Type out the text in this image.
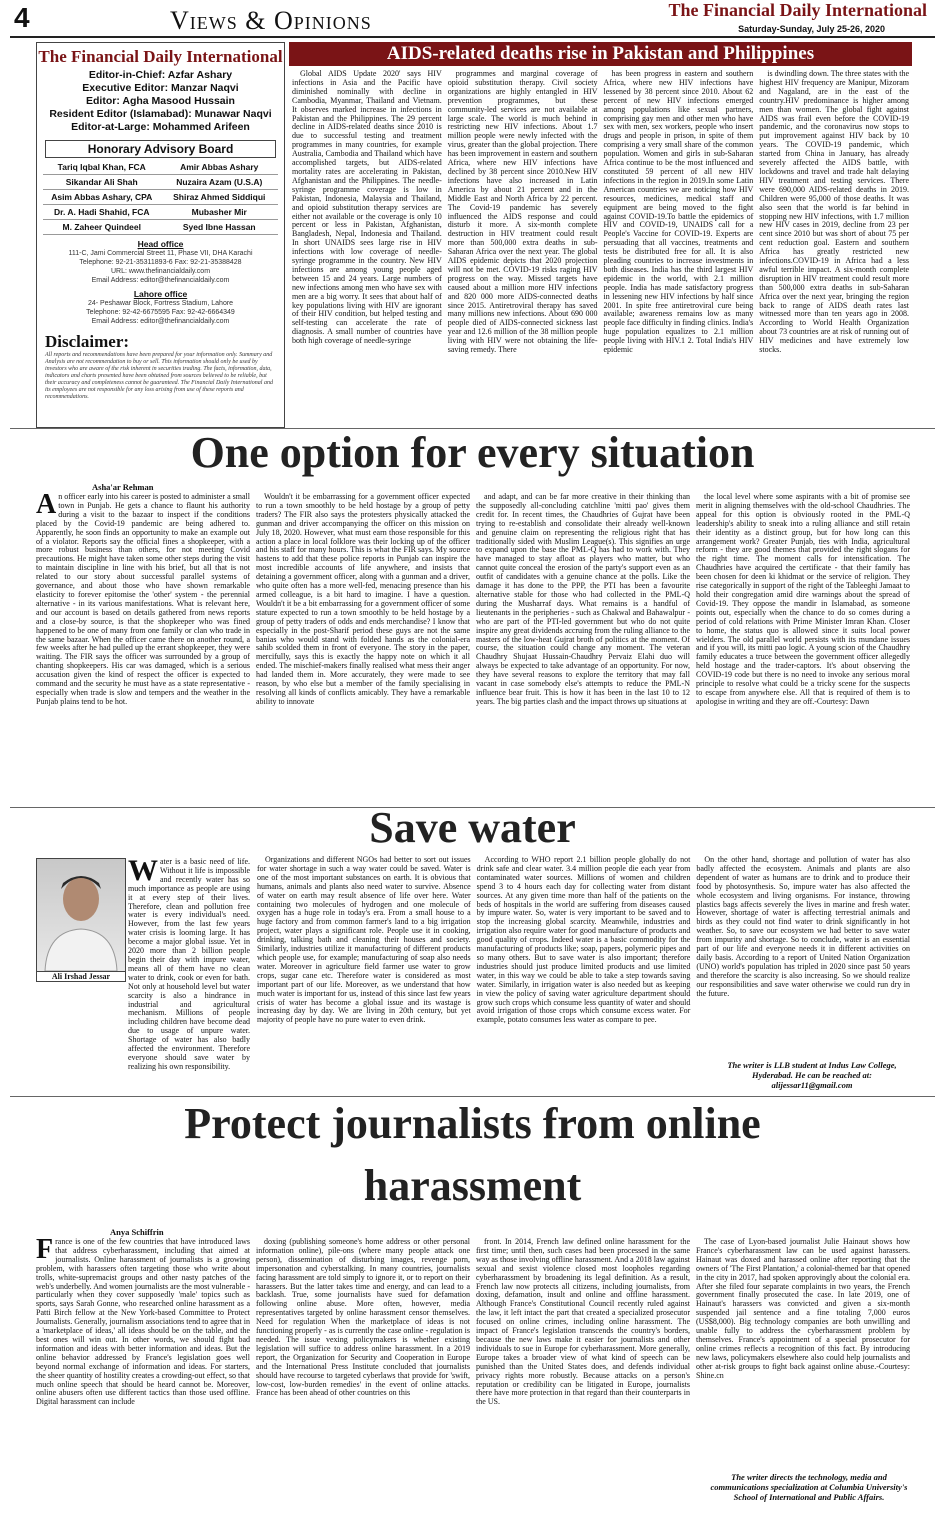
4	Views & Opinions	The Financial Daily International
Saturday-Sunday, July 25-26, 2020
The Financial Daily International
Editor-in-Chief: Azfar Ashary
Executive Editor: Manzar Naqvi
Editor: Agha Masood Hussain
Resident Editor (Islamabad): Munawar Naqvi
Editor-at-Large: Mohammed Arifeen
Honorary Advisory Board
Tariq Iqbal Khan, FCA	Amir Abbas Ashary
Sikandar Ali Shah	Nuzaira Azam (U.S.A)
Asim Abbas Ashary, CPA	Shiraz Ahmed Siddiqui
Dr. A. Hadi Shahid, FCA	Mubasher Mir
M. Zaheer Quindeel	Syed Ibne Hassan
Head office
111-C, Jami Commercial Street 11, Phase VII, DHA Karachi
Telephone: 92-21-35311893-6 Fax: 92-21-35388428
URL: www.thefinancialdaily.com
Email Address: editor@thefinancialdaily.com
Lahore office
24- Peshawar Block, Fortress Stadium, Lahore
Telephone: 92-42-6675595 Fax: 92-42-6664349
Email Address: editor@thefinancialdaily.com
Disclaimer:
All reports and recommendations have been prepared for your information only. Summary and Analysis are not recommendation to buy or sell. This information should only be used by investors who are aware of the risk inherent in securities trading. The facts, information, data, indicators and charts presented have been obtained from sources believed to be reliable, but their accuracy and completeness cannot be guaranteed. The Financial Daily International and its employees are not responsible for any loss arising from use of these reports and recommendations.
AIDS-related deaths rise in Pakistan and Philippines

Global AIDS Update 2020' says HIV infections in Asia and the Pacific have diminished nominally with decline in Cambodia, Myanmar, Thailand and Vietnam. It observes marked increase in infections in Pakistan and the Philippines. The 29 percent decline in AIDS-related deaths since 2010 is due to successful testing and treatment programmes in many countries, for example Australia, Cambodia and Thailand which have accomplished targets, but AIDS-related mortality rates are accelerating in Pakistan, Afghanistan and the Philippines. The needle-syringe programme coverage is low in Pakistan, Indonesia, Malaysia and Thailand, and opioid substitution therapy services are either not available or the coverage is only 10 percent or less in Pakistan, Afghanistan, Bangladesh, Nepal, Indonesia and Thailand. In short UNAIDS sees large rise in HIV infections with low coverage of needle-syringe programme in the country. New HIV infections are among young people aged between 15 and 24 years. Large numbers of new infections among men who have sex with men are a big worry. It sees that about half of key populations living with HIV are ignorant of their HIV condition, but helped testing and self-testing can accelerate the rate of diagnosis. A small number of countries have both high coverage of needle-syringe

programmes and marginal coverage of opioid substitution therapy. Civil society organizations are highly entangled in HIV prevention programmes, but these community-led services are not available at large scale. The world is much behind in restricting new HIV infections. About 1.7 million people were newly infected with the virus, greater than the global projection. There has been improvement in eastern and southern Africa, where new HIV infections have declined by 38 percent since 2010.New HIV infections have also increased in Latin America by about 21 percent and in the Middle East and North Africa by 22 percent. The Covid-19 pandemic has severely influenced the AIDS response and could disturb it more. A six-month complete destruction in HIV treatment could result more than 500,000 extra deaths in sub-Saharan Africa over the next year. The global AIDS epidemic depicts that 2020 projection will not be met. COVID-19 risks raging HIV progress on the way. Missed targets have caused about a million more HIV infections and 820 000 more AIDS-connected deaths since 2015. Antiretroviral therapy has saved many millions new infections. About 690 000 people died of AIDS-connected sickness last year and 12.6 million of the 38 million people living with HIV were not obtaining the life-saving remedy. There

has been progress in eastern and southern Africa, where new HIV infections have lessened by 38 percent since 2010. About 62 percent of new HIV infections emerged among populations like sexual partners, comprising gay men and other men who have sex with men, sex workers, people who insert drugs and people in prison, in spite of them comprising a very small share of the common population. Women and girls in sub-Saharan Africa continue to be the most influenced and constituted 59 percent of all new HIV infections in the region in 2019.In some Latin American countries we are noticing how HIV resources, medicines, medical staff and equipment are being moved to the fight against COVID-19.To battle the epidemics of HIV and COVID-19, UNAIDS call for a People's Vaccine for COVID-19. Experts are persuading that all vaccines, treatments and tests be distributed free for all. It is also pleading countries to increase investments in both diseases. India has the third largest HIV epidemic in the world, with 2.1 million people. India has made satisfactory progress in lessening new HIV infections by half since 2001. In spite free antiretroviral cure being available; awareness remains low as many people face difficulty in finding clinics. India's huge population equalizes to 2.1 million people living with HIV.1 2. Total India's HIV epidemic

is dwindling down. The three states with the highest HIV frequency are Manipur, Mizoram and Nagaland, are in the east of the country.HIV predominance is higher among men than women. The global fight against AIDS was frail even before the COVID-19 pandemic, and the coronavirus now stops to put improvement against HIV back by 10 years. The COVID-19 pandemic, which started from China in January, has already severely affected the AIDS battle, with lockdowns and travel and trade halt delaying HIV treatment and testing services. There were 690,000 AIDS-related deaths in 2019. Children were 95,000 of those deaths. It was also seen that the world is far behind in stopping new HIV infections, with 1.7 million new HIV cases in 2019, decline from 23 per cent since 2010 but was short of about 75 per cent reduction goal. Eastern and southern Africa has greatly restricted new infections.COVID-19 in Africa had a less awful terrible impact. A six-month complete disruption in HIV treatment could result more than 500,000 extra deaths in sub-Saharan Africa over the next year, bringing the region back to range of AIDS death rates last witnessed more than ten years ago in 2008. According to World Health Organization about 73 countries are at risk of running out of HIV medicines and have extremely low stocks.

One option for every situation
Asha'ar Rehman
An officer early into his career is posted to administer a small town in Punjab. He gets a chance to flaunt his authority during a visit to the bazaar to inspect if the conditions placed by the Covid-19 pandemic are being adhered to. Apparently, he soon finds an opportunity to make an example out of a violator. Reports say the official fines a shopkeeper, with a more robust business than others, for not meeting Covid precautions. He might have taken some other steps during the visit to maintain discipline in line with his brief, but all that is not related to our story about successful parallel systems of governance, and about those who have shown remarkable elasticity to forever epitomise the 'other' system - the perennial alternative - in its various manifestations. What is relevant here, and our account is based on details gathered from news reports and a close-by source, is that the shopkeeper who was fined happened to be one of many from one family or clan who trade in the same bazaar. When the officer came there on another round, a few weeks after he had pulled up the errant shopkeeper, they were waiting. The FIR says the officer was surrounded by a group of chanting shopkeepers. His car was damaged, which is a serious accusation given the kind of respect the officer is expected to command and the security he must have as a state representative - especially when trade is slow and tempers and the weather in the Punjab plains tend to be hot.

Wouldn't it be embarrassing for a government officer expected to run a town smoothly to be held hostage by a group of petty traders? The FIR also says the protesters physically attacked the gunman and driver accompanying the officer on this mission on July 18, 2020. However, what must earn those responsible for this action a place in local folklore was their locking up of the officer and his staff for many hours. This is what the FIR says. My source hastens to add that these police reports in Punjab can inspire the most incredible accounts of life anywhere, and insists that detaining a government officer, along with a gunman and a driver, who quite often has a more well-fed, menacing presence than his armed colleague, is a bit hard to imagine. I have a question. Wouldn't it be a bit embarrassing for a government officer of some stature expected to run a town smoothly to be held hostage by a group of petty traders of odds and ends merchandise? I know that especially in the post-Sharif period these guys are not the same banias who would stand with folded hands as the colonial-era sahib scolded them in front of everyone. The story in the paper, mercifully, says this is exactly the happy note on which it all ended. The mischief-makers finally realised what mess their anger had landed them in. More accurately, they were made to see reason, by who else but a member of the family specialising in resolving all kinds of conflicts amicably. They have a remarkable ability to innovate

and adapt, and can be far more creative in their thinking than the supposedly all-concluding catchline 'mitti pao' gives them credit for. In recent times, the Chaudhries of Gujrat have been trying to re-establish and consolidate their already well-known and genuine claim on representing the religious right that has traditionally sided with Muslim League(s). This signifies an urge to expand upon the base the PML-Q has had to work with. They have managed to stay afloat as players who matter, but who cannot quite conceal the erosion of the party's support even as an outfit of candidates with a genuine chance at the polls. Like the damage it has done to the PPP, the PTI has been a favourite alternative stable for those who had collected in the PML-Q during the Musharraf days. What remains is a handful of lieutenants in the peripheries - such as Chakwal and Bahawalpur - who are part of the PTI-led government but who do not quite inspire any great dividends accruing from the ruling alliance to the masters of the low-heat Gujrat broth of politics at the moment. Of course, the situation could change any moment. The veteran Chaudhry Shujaat Hussain-Chaudhry Pervaiz Elahi duo will always be expected to take advantage of an opportunity. For now, they have several reasons to explore the territory that may fall vacant in case somebody else's attempts to reduce the PML-N influence bear fruit. This is how it has been in the last 10 to 12 years. The big parties clash and the impact throws up situations at

the local level where some aspirants with a bit of promise see merit in aligning themselves with the old-school Chaudhries. The appeal for this option is obviously rooted in the PML-Q leadership's ability to sneak into a ruling alliance and still retain their identity as a distinct group, but for how long can this arrangement work? Greater Punjab, ties with India, agricultural reform - they are good themes that provided the right slogans for the right time. The moment calls for intensification. The Chaudhries have acquired the certificate - that their family has been chosen for deen ki khidmat or the service of religion. They rise categorically in support of the right of the Tableeghi Jamaat to hold their congregation amid dire warnings about the spread of Covid-19. They oppose the mandir in Islamabad, as someone points out, especially when the chance to do so comes during a period of cold relations with Prime Minister Imran Khan. Closer to home, the status quo is allowed since it suits local power wielders. The old parallel world persists with its mundane issues and if you will, its mitti pao logic. A young scion of the Chaudhry family educates a truce between the government officer allegedly held hostage and the trader-captors. It's about observing the COVID-19 code but there is no need to invoke any serious moral principle to resolve what could be a tricky scene for the suspects to escape from anywhere else. All that is required of them is to apologise in writing and they are off.-Courtesy: Dawn

Save water
Ali Irshad Jessar
Water is a basic need of life. Without it life is impossible and recently water has so much importance as people are using it at every step of their lives. Therefore, clean and pollution free water is every individual's need. However, from the last few years water crisis is looming large. It has become a major global issue. Yet in 2020 more than 2 billion people begin their day with impure water, means all of them have no clean water to drink, cook or even for bath. Not only at household level but water scarcity is also a hindrance in industrial and agricultural mechanism. Millions of people including children have become dead due to usage of unpure water. Shortage of water has also badly affected the environment. Therefore everyone should save water by realizing his own responsibility.

Organizations and different NGOs had better to sort out issues for water shortage in such a way water could be saved. Water is one of the most important substances on earth. It is obvious that humans, animals and plants also need water to survive. Absence of water on earth may result absence of life over here. Water containing two molecules of hydrogen and one molecule of oxygen has a huge role in today's era. From a small house to a huge factory and from common farmer's land to a big irrigation project, water plays a significant role. People use it in cooking, drinking, talking bath and cleaning their houses and society. Similarly, industries utilize it manufacturing of different products which people use, for example; manufacturing of soap also needs water. Moreover in agriculture field farmer use water to grow crops, sugar cane etc. Therefore water is considered as most important part of our life. Moreover, as we understand that how much water is important for us, instead of this since last few years crisis of water has become a global issue and its wastage is increasing day by day. We are living in 20th century, but yet majority of people have no pure water to even drink.

According to WHO report 2.1 billion people globally do not drink safe and clear water. 3.4 million people die each year from contaminated water sources. Millions of women and children spend 3 to 4 hours each day for collecting water from distant sources. At any given time more than half of the patients on the beds of hospitals in the world are suffering from diseases caused by impure water. So, water is very important to be saved and to stop the increasing global scarcity. Meanwhile, industries and irrigation also require water for good manufacture of products and good quality of crops. Indeed water is a basic commodity for the manufacturing of products like; soap, papers, polymeric pipes and so many others. But to save water is also important; therefore industries should just produce limited products and use limited water, in this way we could be able to take a step towards saving water. Similarly, in irrigation water is also needed but as keeping in view the policy of saving water agriculture department should grow such crops which consume less quantity of water and should avoid irrigation of those crops which consume excess water. For example, potato consumes less water as compare to pee.

On the other hand, shortage and pollution of water has also badly affected the ecosystem. Animals and plants are also dependent of water as humans are to drink and to produce their food by photosynthesis. So, impure water has also affected the whole ecosystem and living organisms. For instance, throwing plastics bags affects severely the lives in marine and fresh water. However, shortage of water is affecting terrestrial animals and birds as they could not find water to drink significantly in hot weather. So, to save our ecosystem we had better to save water from impurity and shortage. So to conclude, water is an essential part of our life and everyone needs it in different activities on daily basis. According to a report of United Nation Organization (UNO) world's population has tripled in 2020 since past 50 years and therefore the scarcity is also increasing. So we should realize our responsibilities and save water otherwise we could run dry in the future.

The writer is LLB student at Indus Law College, Hyderabad. He can be reached at: alijessar11@gmail.com
Protect journalists from online
harassment
Anya Schiffrin
France is one of the few countries that have introduced laws that address cyberharassment, including that aimed at journalists. Online harassment of journalists is a growing problem, with harassers often targeting those who write about trolls, white-supremacist groups and other nasty patches of the web's underbelly. And women journalists are the most vulnerable - particularly when they cover supposedly 'male' topics such as sports, says Sarah Gonne, who researched online harassment as a Patti Birch fellow at the New York-based Committee to Protect Journalists. Generally, journalism associations tend to agree that in a 'marketplace of ideas,' all ideas should be on the table, and the best ones will win out. In other words, we should fight bad information and ideas with better information and ideas. But the online behavior addressed by France's legislation goes well beyond normal exchange of information and ideas. For starters, the sheer quantity of hostility creates a crowding-out effect, so that much online speech that should be heard cannot be. Moreover, online abusers often use different tactics than those used offline. Digital harassment can include

doxing (publishing someone's home address or other personal information online), pile-ons (where many people attack one person), dissemination of disturbing images, revenge porn, impersonation and cyberstalking. In many countries, journalists facing harassment are told simply to ignore it, or to report on their harassers. But the latter takes time and energy, and can lead to a backlash. True, some journalists have sued for defamation following online abuse. More often, however, media representatives targeted by online harassment censor themselves. Need for regulation When the marketplace of ideas is not functioning properly - as is currently the case online - regulation is needed. The issue vexing policymakers is whether existing legislation will suffice to address online harassment. In a 2019 report, the Organization for Security and Cooperation in Europe and the International Press Institute concluded that journalists should have recourse to targeted cyberlaws that provide for 'swift, low-cost, low-burden remedies' in the event of online attacks. France has been ahead of other countries on this

front. In 2014, French law defined online harassment for the first time; until then, such cases had been processed in the same way as those involving offline harassment. And a 2018 law against sexual and sexist violence closed most loopholes regarding cyberharassment by broadening its legal definition. As a result, French law now protects all citizens, including journalists, from doxing, defamation, insult and online and offline harassment. Although France's Constitutional Council recently ruled against the law, it left intact the part that created a specialized prosecutor focused on online crimes, including online harassment. The impact of France's legislation transcends the country's borders, because the new laws make it easier for journalists and other individuals to sue in Europe for cyberharassment. More generally, Europe takes a broader view of what kind of speech can be punished than the United States does, and defends individual privacy rights more robustly. Because attacks on a person's reputation or credibility can be litigated in Europe, journalists there have more protection in that regard than their counterparts in the US.

The case of Lyon-based journalist Julie Hainaut shows how France's cyberharassment law can be used against harassers. Hainaut was doxed and harassed online after reporting that the owners of 'The First Plantation,' a colonial-themed bar that opened in the city in 2017, had spoken approvingly about the colonial era. After she filed four separate complaints in two years, the French government finally prosecuted the case. In late 2019, one of Hainaut's harassers was convicted and given a six-month suspended jail sentence and a fine totaling 7,000 euros (US$8,000). Big technology companies are both unwilling and unable fully to address the cyberharassment problem by themselves. France's appointment of a special prosecutor for online crimes reflects a recognition of this fact. By introducing new laws, policymakers elsewhere also could help journalists and other at-risk groups to fight back against online abuse.-Courtesy: Shine.cn

The writer directs the technology, media and communications specialization at Columbia University's School of International and Public Affairs.
